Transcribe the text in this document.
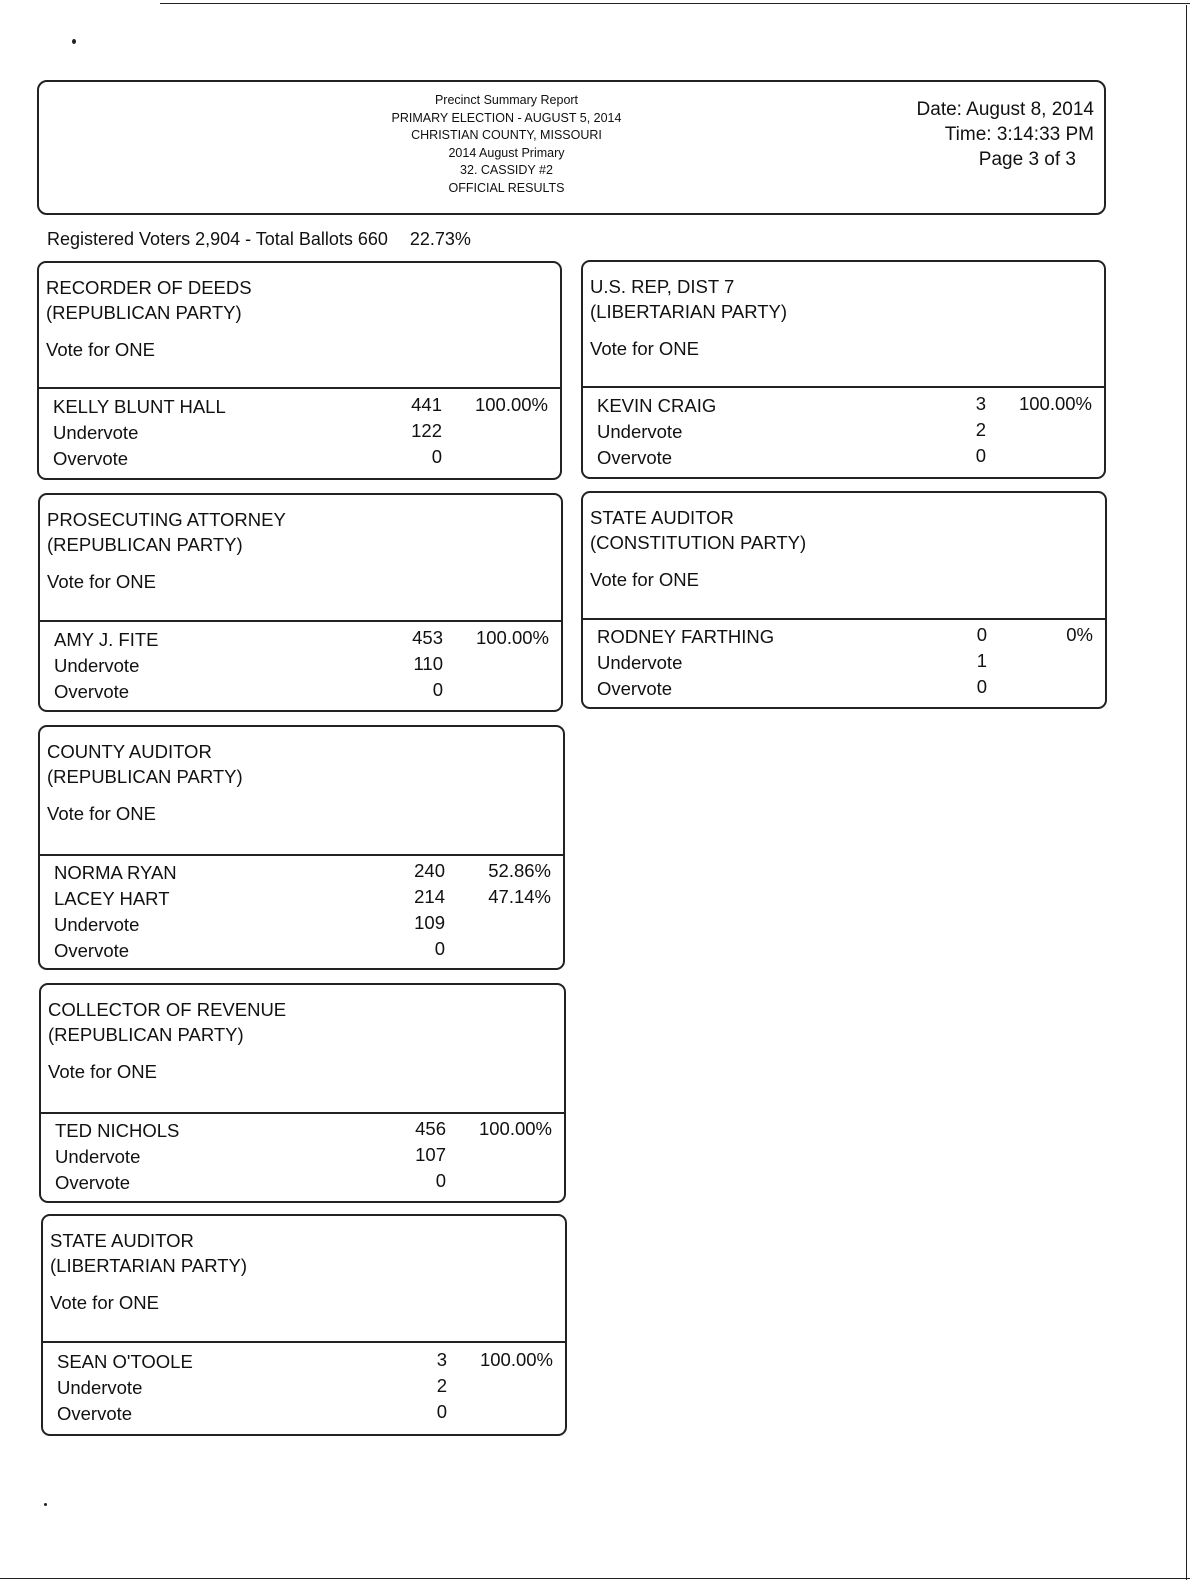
Precinct Summary Report
PRIMARY ELECTION - AUGUST 5, 2014
CHRISTIAN COUNTY, MISSOURI
2014 August Primary
32. CASSIDY #2
OFFICIAL RESULTS
Date: August 8, 2014
Time: 3:14:33 PM
Page 3 of 3
Registered Voters 2,904 - Total Ballots 660 22.73%
RECORDER OF DEEDS
(REPUBLICAN PARTY)
Vote for ONE
KELLY BLUNT HALL	441	100.00%
Undervote	122
Overvote	0
U.S. REP, DIST 7
(LIBERTARIAN PARTY)
Vote for ONE
KEVIN CRAIG	3	100.00%
Undervote	2
Overvote	0
PROSECUTING ATTORNEY
(REPUBLICAN PARTY)
Vote for ONE
AMY J. FITE	453	100.00%
Undervote	110
Overvote	0
STATE AUDITOR
(CONSTITUTION PARTY)
Vote for ONE
RODNEY FARTHING	0	0%
Undervote	1
Overvote	0
COUNTY AUDITOR
(REPUBLICAN PARTY)
Vote for ONE
NORMA RYAN	240	52.86%
LACEY HART	214	47.14%
Undervote	109
Overvote	0
COLLECTOR OF REVENUE
(REPUBLICAN PARTY)
Vote for ONE
TED NICHOLS	456	100.00%
Undervote	107
Overvote	0
STATE AUDITOR
(LIBERTARIAN PARTY)
Vote for ONE
SEAN O'TOOLE	3	100.00%
Undervote	2
Overvote	0
